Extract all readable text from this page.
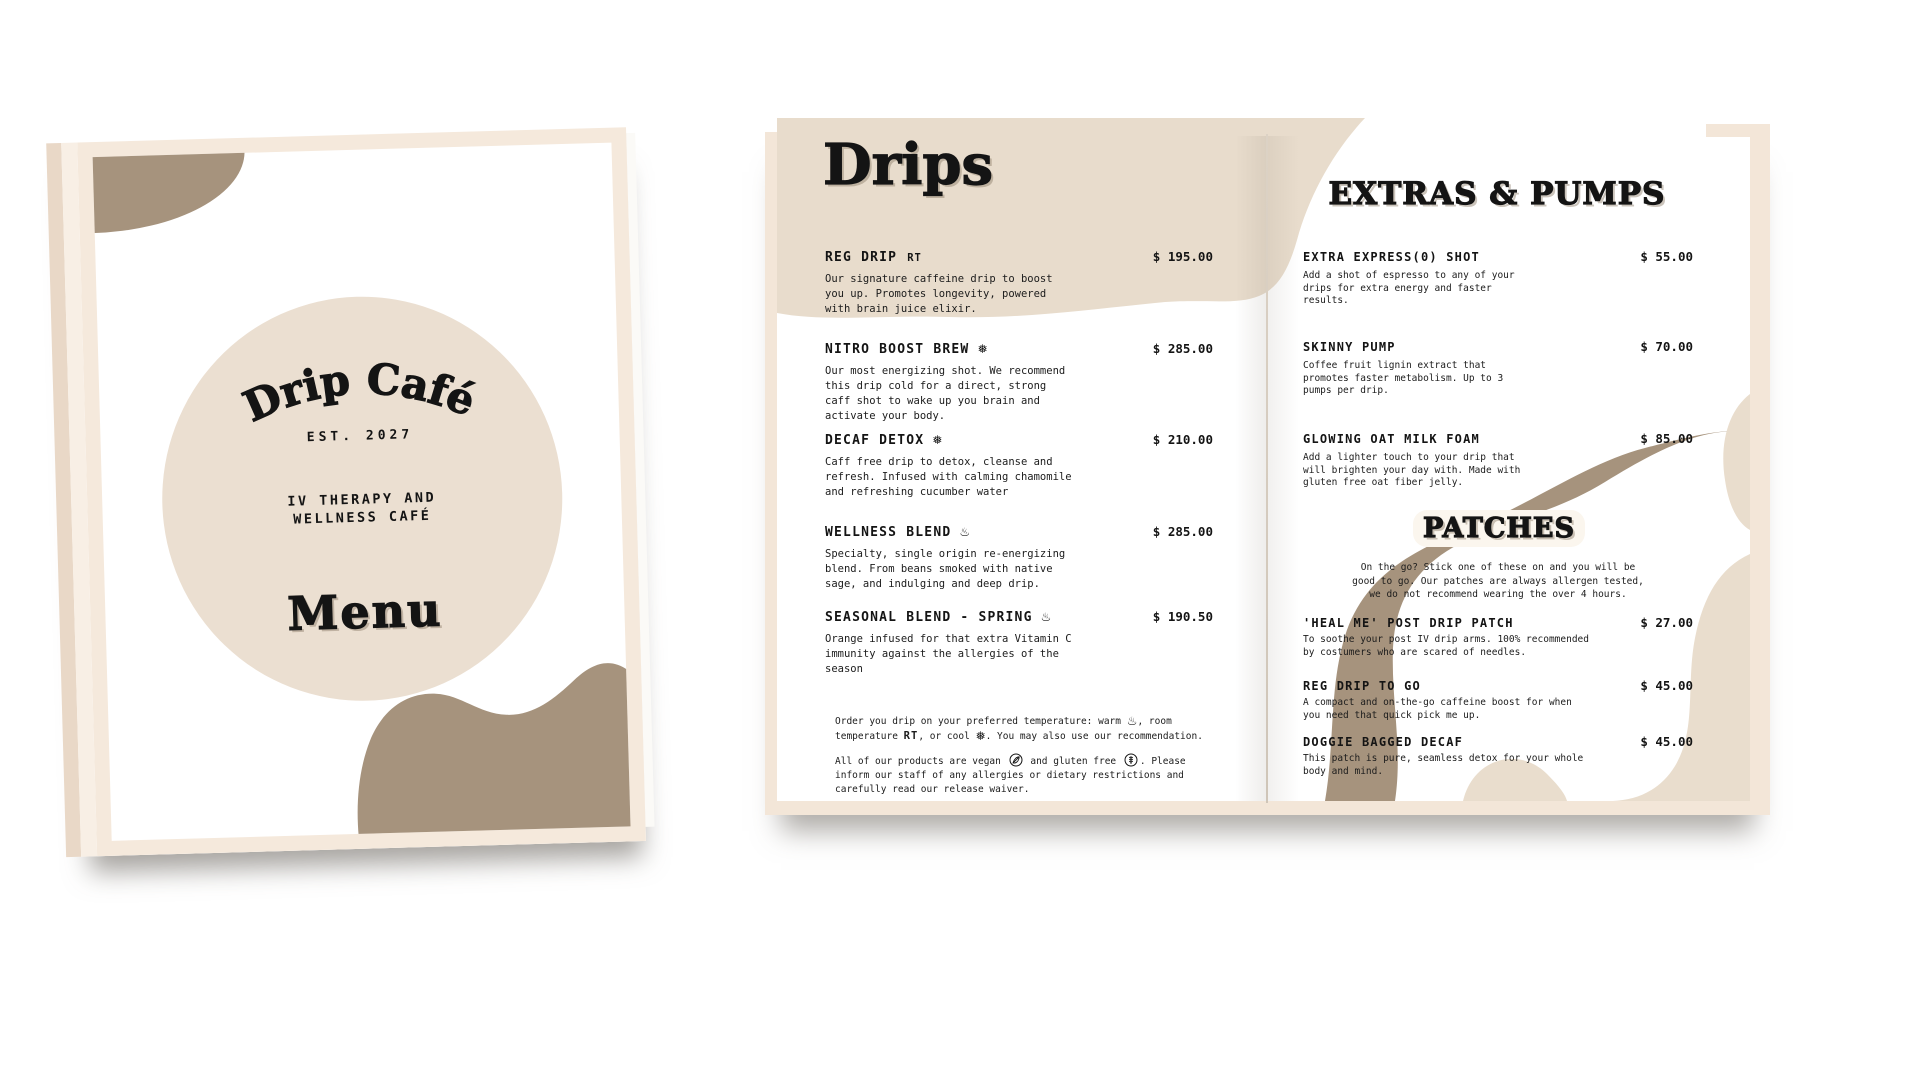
Drip Café
EST. 2027
IV THERAPY AND
WELLNESS CAFÉ
Menu
Drips	EXTRAS & PUMPS
REG DRIP RT	$ 195.00

Our signature caffeine drip to boost you up. Promotes longevity, powered with brain juice elixir.

NITRO BOOST BREW ❅	$ 285.00

Our most energizing shot. We recommend this drip cold for a direct, strong caff shot to wake up you brain and activate your body.

DECAF DETOX ❅	$ 210.00

Caff free drip to detox, cleanse and refresh. Infused with calming chamomile and refreshing cucumber water

WELLNESS BLEND ♨	$ 285.00

Specialty, single origin re-energizing blend. From beans smoked with native sage, and indulging and deep drip.

SEASONAL BLEND - SPRING ♨	$ 190.50

Orange infused for that extra Vitamin C immunity against the allergies of the season

Order you drip on your preferred temperature: warm ♨, room temperature RT, or cool ❅. You may also use our recommendation.

All of our products are vegan	and gluten free . Please inform our staff of any allergies or dietary restrictions and carefully read our release waiver.

EXTRA EXPRESS(0) SHOT	$ 55.00

Add a shot of espresso to any of your drips for extra energy and faster results.

SKINNY PUMP	$ 70.00

Coffee fruit lignin extract that promotes faster metabolism. Up to 3 pumps per drip.

GLOWING OAT MILK FOAM	$ 85.00

Add a lighter touch to your drip that will brighten your day with. Made with gluten free oat fiber jelly.

PATCHES

On the go? Stick one of these on and you will be good to go. Our patches are always allergen tested, we do not recommend wearing the over 4 hours.

'HEAL ME' POST DRIP PATCH	$ 27.00

To soothe your post IV drip arms. 100% recommended by costumers who are scared of needles.

REG DRIP TO GO	$ 45.00

A compact and on-the-go caffeine boost for when you need that quick pick me up.

DOGGIE BAGGED DECAF	$ 45.00

This patch is pure, seamless detox for your whole body and mind.
